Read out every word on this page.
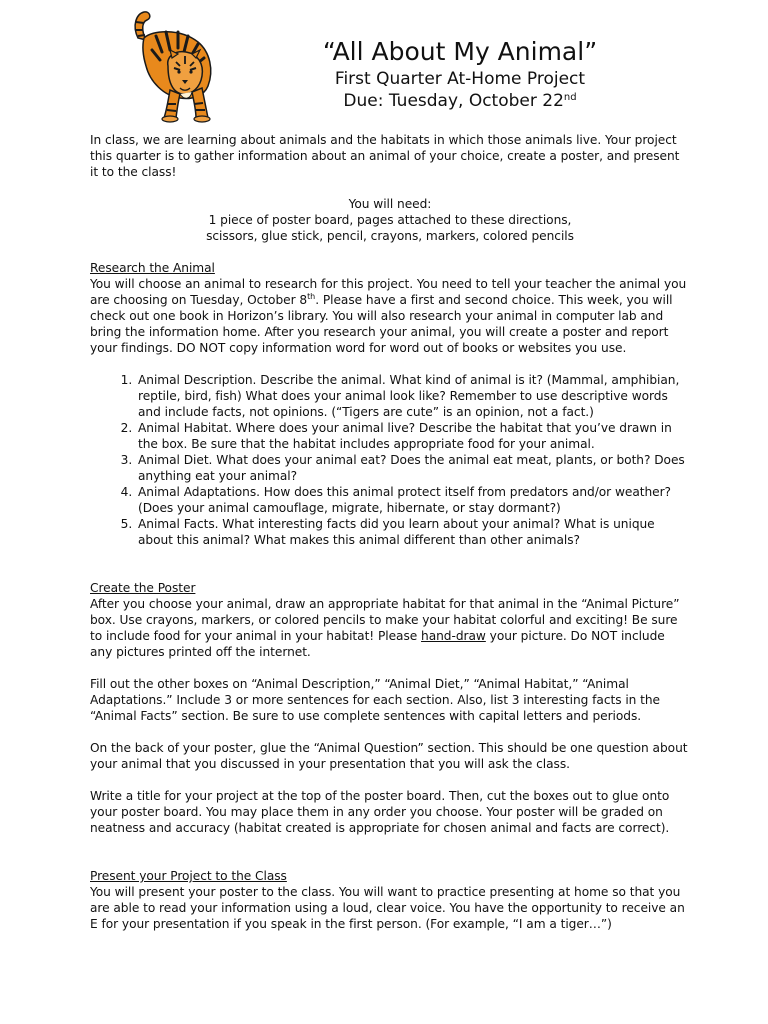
“All About My Animal”
First Quarter At-Home Project
Due: Tuesday, October 22nd

In class, we are learning about animals and the habitats in which those animals live. Your project this quarter is to gather information about an animal of your choice, create a poster, and present it to the class!

You will need:
1 piece of poster board, pages attached to these directions,
scissors, glue stick, pencil, crayons, markers, colored pencils
Research the Animal

You will choose an animal to research for this project. You need to tell your teacher the animal you are choosing on Tuesday, October 8th. Please have a first and second choice. This week, you will check out one book in Horizon’s library. You will also research your animal in computer lab and bring the information home. After you research your animal, you will create a poster and report your findings. DO NOT copy information word for word out of books or websites you use.

1. Animal Description. Describe the animal. What kind of animal is it? (Mammal, amphibian, reptile, bird, fish) What does your animal look like? Remember to use descriptive words and include facts, not opinions. (“Tigers are cute” is an opinion, not a fact.)
2. Animal Habitat. Where does your animal live? Describe the habitat that you’ve drawn in the box. Be sure that the habitat includes appropriate food for your animal.
3. Animal Diet. What does your animal eat? Does the animal eat meat, plants, or both? Does anything eat your animal?
4. Animal Adaptations. How does this animal protect itself from predators and/or weather? (Does your animal camouflage, migrate, hibernate, or stay dormant?)
5. Animal Facts. What interesting facts did you learn about your animal? What is unique about this animal? What makes this animal different than other animals?
Create the Poster

After you choose your animal, draw an appropriate habitat for that animal in the “Animal Picture” box. Use crayons, markers, or colored pencils to make your habitat colorful and exciting! Be sure to include food for your animal in your habitat! Please hand-draw your picture. Do NOT include any pictures printed off the internet.

Fill out the other boxes on “Animal Description,” “Animal Diet,” “Animal Habitat,” “Animal Adaptations.” Include 3 or more sentences for each section. Also, list 3 interesting facts in the “Animal Facts” section. Be sure to use complete sentences with capital letters and periods.

On the back of your poster, glue the “Animal Question” section. This should be one question about your animal that you discussed in your presentation that you will ask the class.

Write a title for your project at the top of the poster board. Then, cut the boxes out to glue onto your poster board. You may place them in any order you choose. Your poster will be graded on neatness and accuracy (habitat created is appropriate for chosen animal and facts are correct).

Present your Project to the Class

You will present your poster to the class. You will want to practice presenting at home so that you are able to read your information using a loud, clear voice. You have the opportunity to receive an E for your presentation if you speak in the first person. (For example, “I am a tiger…”)
